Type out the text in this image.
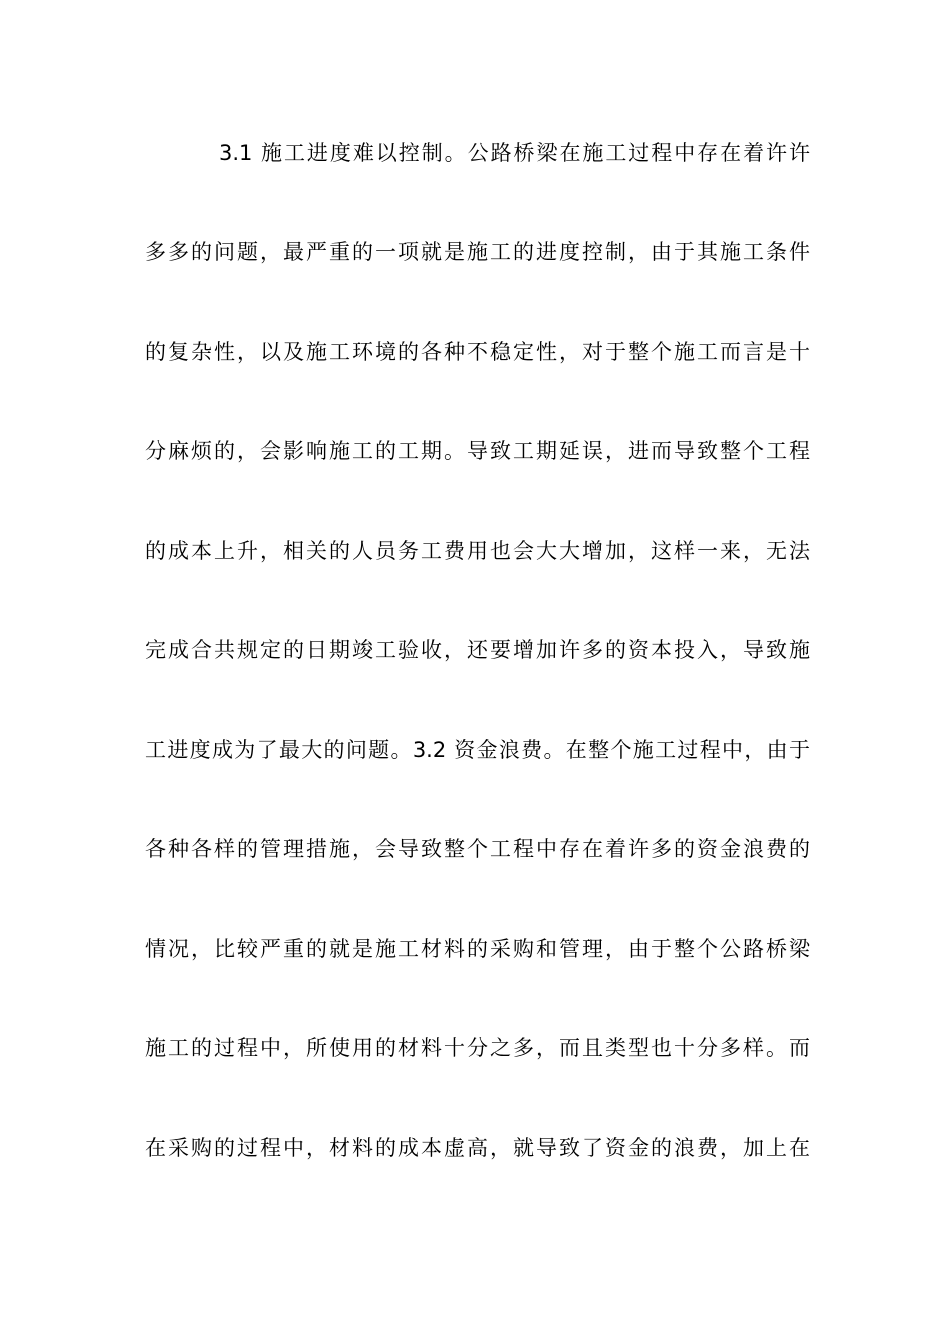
3.1 施工进度难以控制。公路桥梁在施工过程中存在着许许
多多的问题，最严重的一项就是施工的进度控制，由于其施工条件
的复杂性，以及施工环境的各种不稳定性，对于整个施工而言是十
分麻烦的，会影响施工的工期。导致工期延误，进而导致整个工程
的成本上升，相关的人员务工费用也会大大增加，这样一来，无法
完成合共规定的日期竣工验收，还要增加许多的资本投入，导致施
工进度成为了最大的问题。3.2 资金浪费。在整个施工过程中，由于
各种各样的管理措施，会导致整个工程中存在着许多的资金浪费的
情况，比较严重的就是施工材料的采购和管理，由于整个公路桥梁
施工的过程中，所使用的材料十分之多，而且类型也十分多样。而
在采购的过程中，材料的成本虚高，就导致了资金的浪费，加上在
